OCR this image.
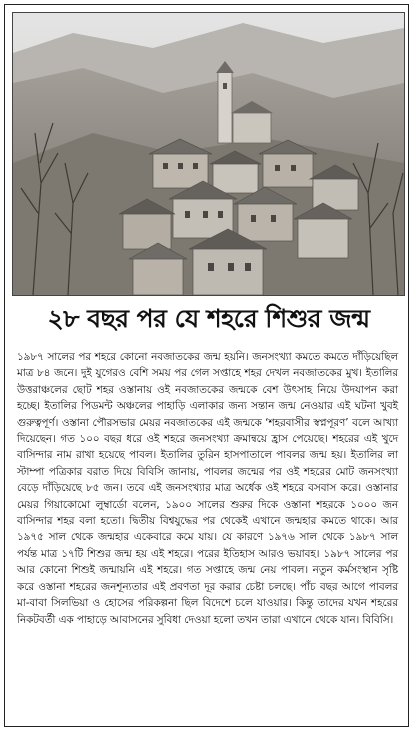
২৮ বছর পর যে শহরে শিশুর জন্ম

১৯৮৭ সালের পর শহরে কোনো নবজাতকের জন্ম হয়নি। জনসংখ্যা কমতে কমতে দাঁড়িয়েছিল মাত্র ৮৪ জনে। দুই যুগেরও বেশি সময় পর গেল সপ্তাহে শহর দেখল নবজাতকের মুখ। ইতালির উত্তরাঞ্চলের ছোট শহর ওস্তানায় ওই নবজাতকের জন্মকে বেশ উৎসাহ নিয়ে উদযাপন করা হচ্ছে। ইতালির পিডমন্ট অঞ্চলের পাহাড়ি এলাকার জন্য সন্তান জন্ম নেওয়ার এই ঘটনা খুবই গুরুত্বপূর্ণ। ওস্তানা পৌরসভার মেয়র নবজাতকের এই জন্মকে ‘শহরবাসীর স্বপ্নপূরণ’ বলে আখ্যা দিয়েছেন। গত ১০০ বছর ধরে ওই শহরে জনসংখ্যা ক্রমান্বয়ে হ্রাস পেয়েছে। শহরের এই খুদে বাসিন্দার নাম রাখা হয়েছে পাবল। ইতালির তুরিন হাসপাতালে পাবলর জন্ম হয়। ইতালির লা স্টাম্পা পত্রিকার বরাত দিয়ে বিবিসি জানায়, পাবলর জন্মের পর ওই শহরের মোট জনসংখ্যা বেড়ে দাঁড়িয়েছে ৮৫ জন। তবে এই জনসংখ্যার মাত্র অর্ধেক ওই শহরে বসবাস করে। ওস্তানার মেয়র গিয়াকোমো লুম্বার্ডো বলেন, ১৯০০ সালের শুরুর দিকে ওস্তানা শহরকে ১০০০ জন বাসিন্দার শহর বলা হতো। দ্বিতীয় বিশ্বযুদ্ধের পর থেকেই এখানে জন্মহার কমতে থাকে। আর ১৯৭৫ সাল থেকে জন্মহার একেবারে কমে যায়। যে কারণে ১৯৭৬ সাল থেকে ১৯৮৭ সাল পর্যন্ত মাত্র ১৭টি শিশুর জন্ম হয় এই শহরে। পরের ইতিহাস আরও ভয়াবহ। ১৯৮৭ সালের পর আর কোনো শিশুই জন্মায়নি এই শহরে। গত সপ্তাহে জন্ম নেয় পাবল। নতুন কর্মসংস্থান সৃষ্টি করে ওস্তানা শহরের জনশূন্যতার এই প্রবণতা দূর করার চেষ্টা চলছে। পাঁচ বছর আগে পাবলর মা-বাবা সিলভিয়া ও হোসের পরিকল্পনা ছিল বিদেশে চলে যাওয়ার। কিন্তু তাদের যখন শহরের নিকটবর্তী এক পাহাড়ে আবাসনের সুবিধা দেওয়া হলো তখন তারা এখানে থেকে যান। বিবিসি।
